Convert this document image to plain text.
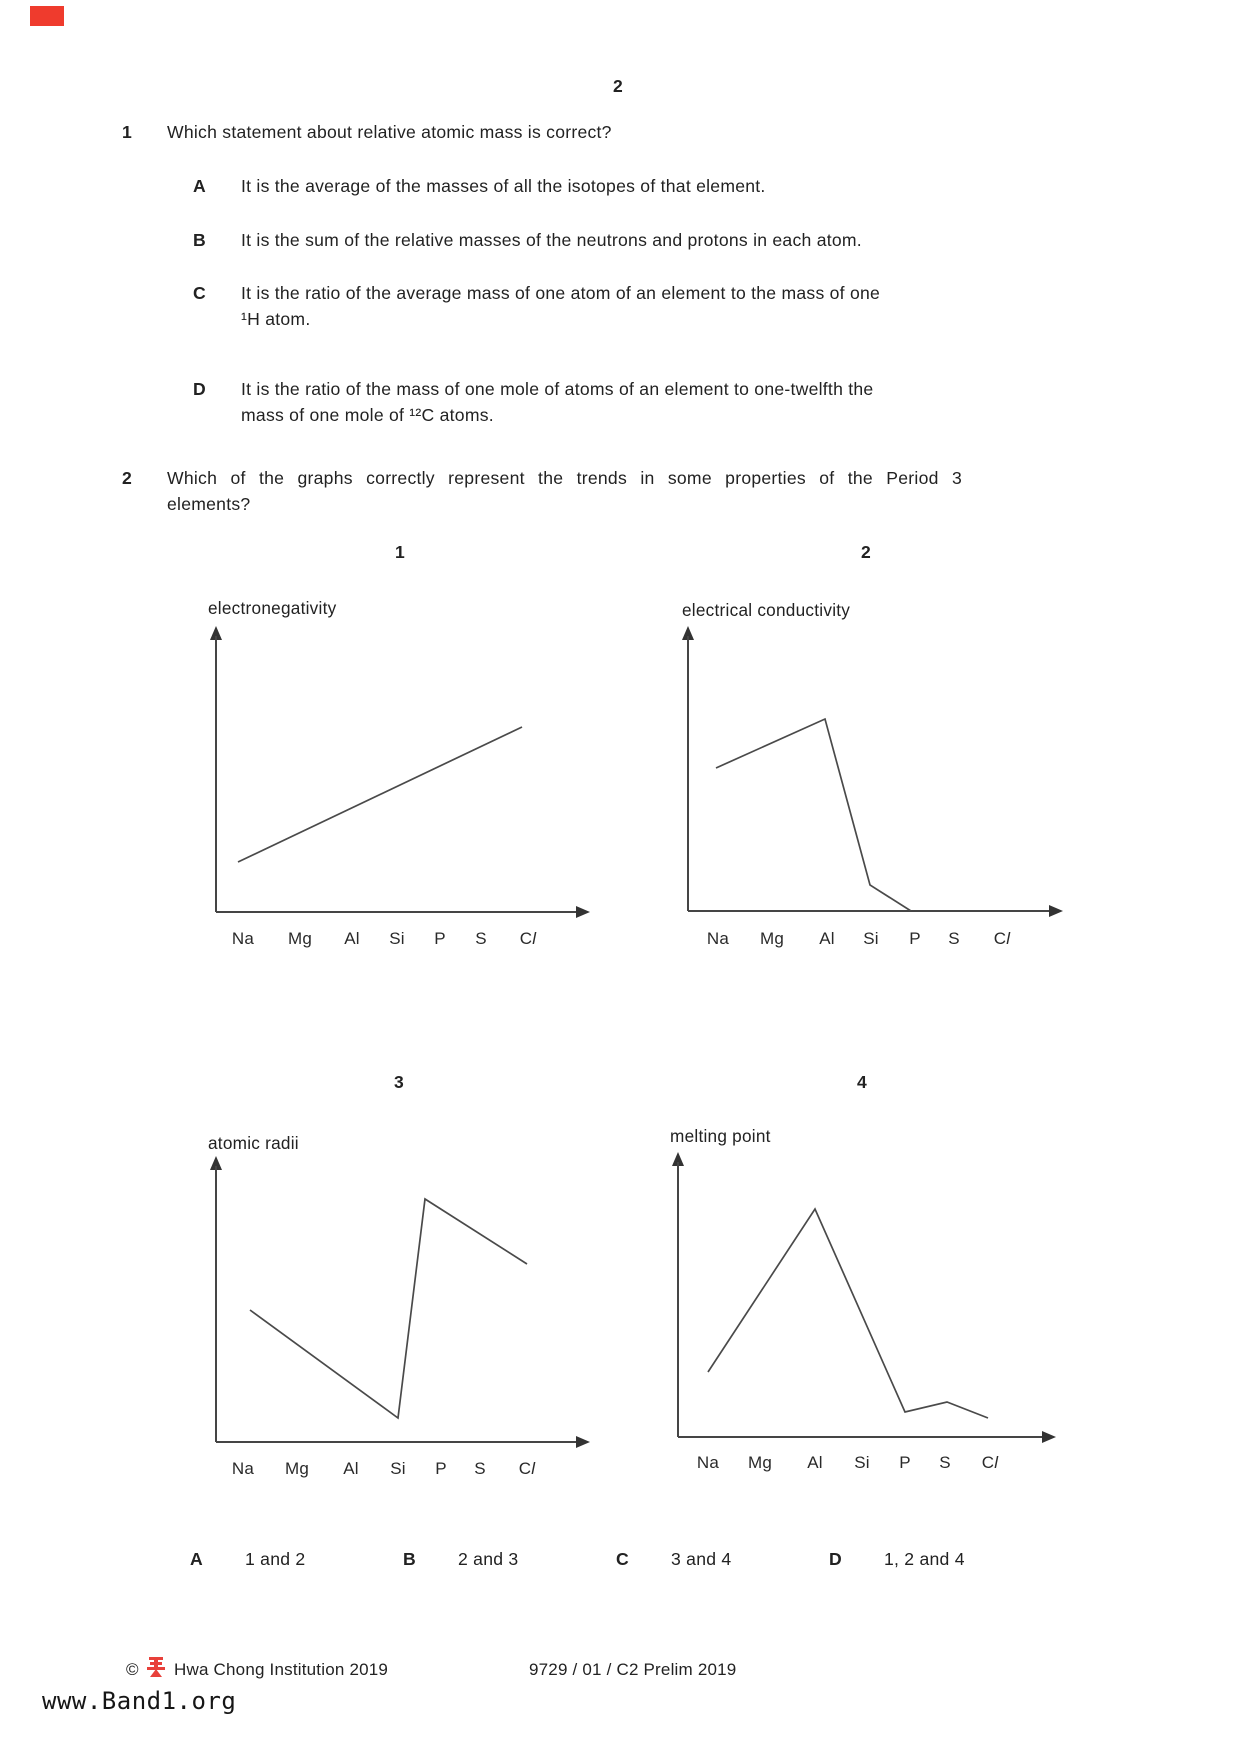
2
1 Which statement about relative atomic mass is correct?
A It is the average of the masses of all the isotopes of that element.
B It is the sum of the relative masses of the neutrons and protons in each atom.
C It is the ratio of the average mass of one atom of an element to the mass of one
¹H atom.
D It is the ratio of the mass of one mole of atoms of an element to one-twelfth the
mass of one mole of ¹²C atoms.
2 Which of the graphs correctly represent the trends in some properties of the Period 3
elements?
1	2
electronegativity	electrical conductivity
Na Mg Al Si P S Cl	Na Mg Al Si P S Cl
3	4
atomic radii	melting point
Na Mg Al Si P S Cl	Na Mg Al Si P S Cl
A 1 and 2	B 2 and 3	C 3 and 4	D 1, 2 and 4
© Hwa Chong Institution 2019	9729 / 01 / C2 Prelim 2019
www.Band1.org
